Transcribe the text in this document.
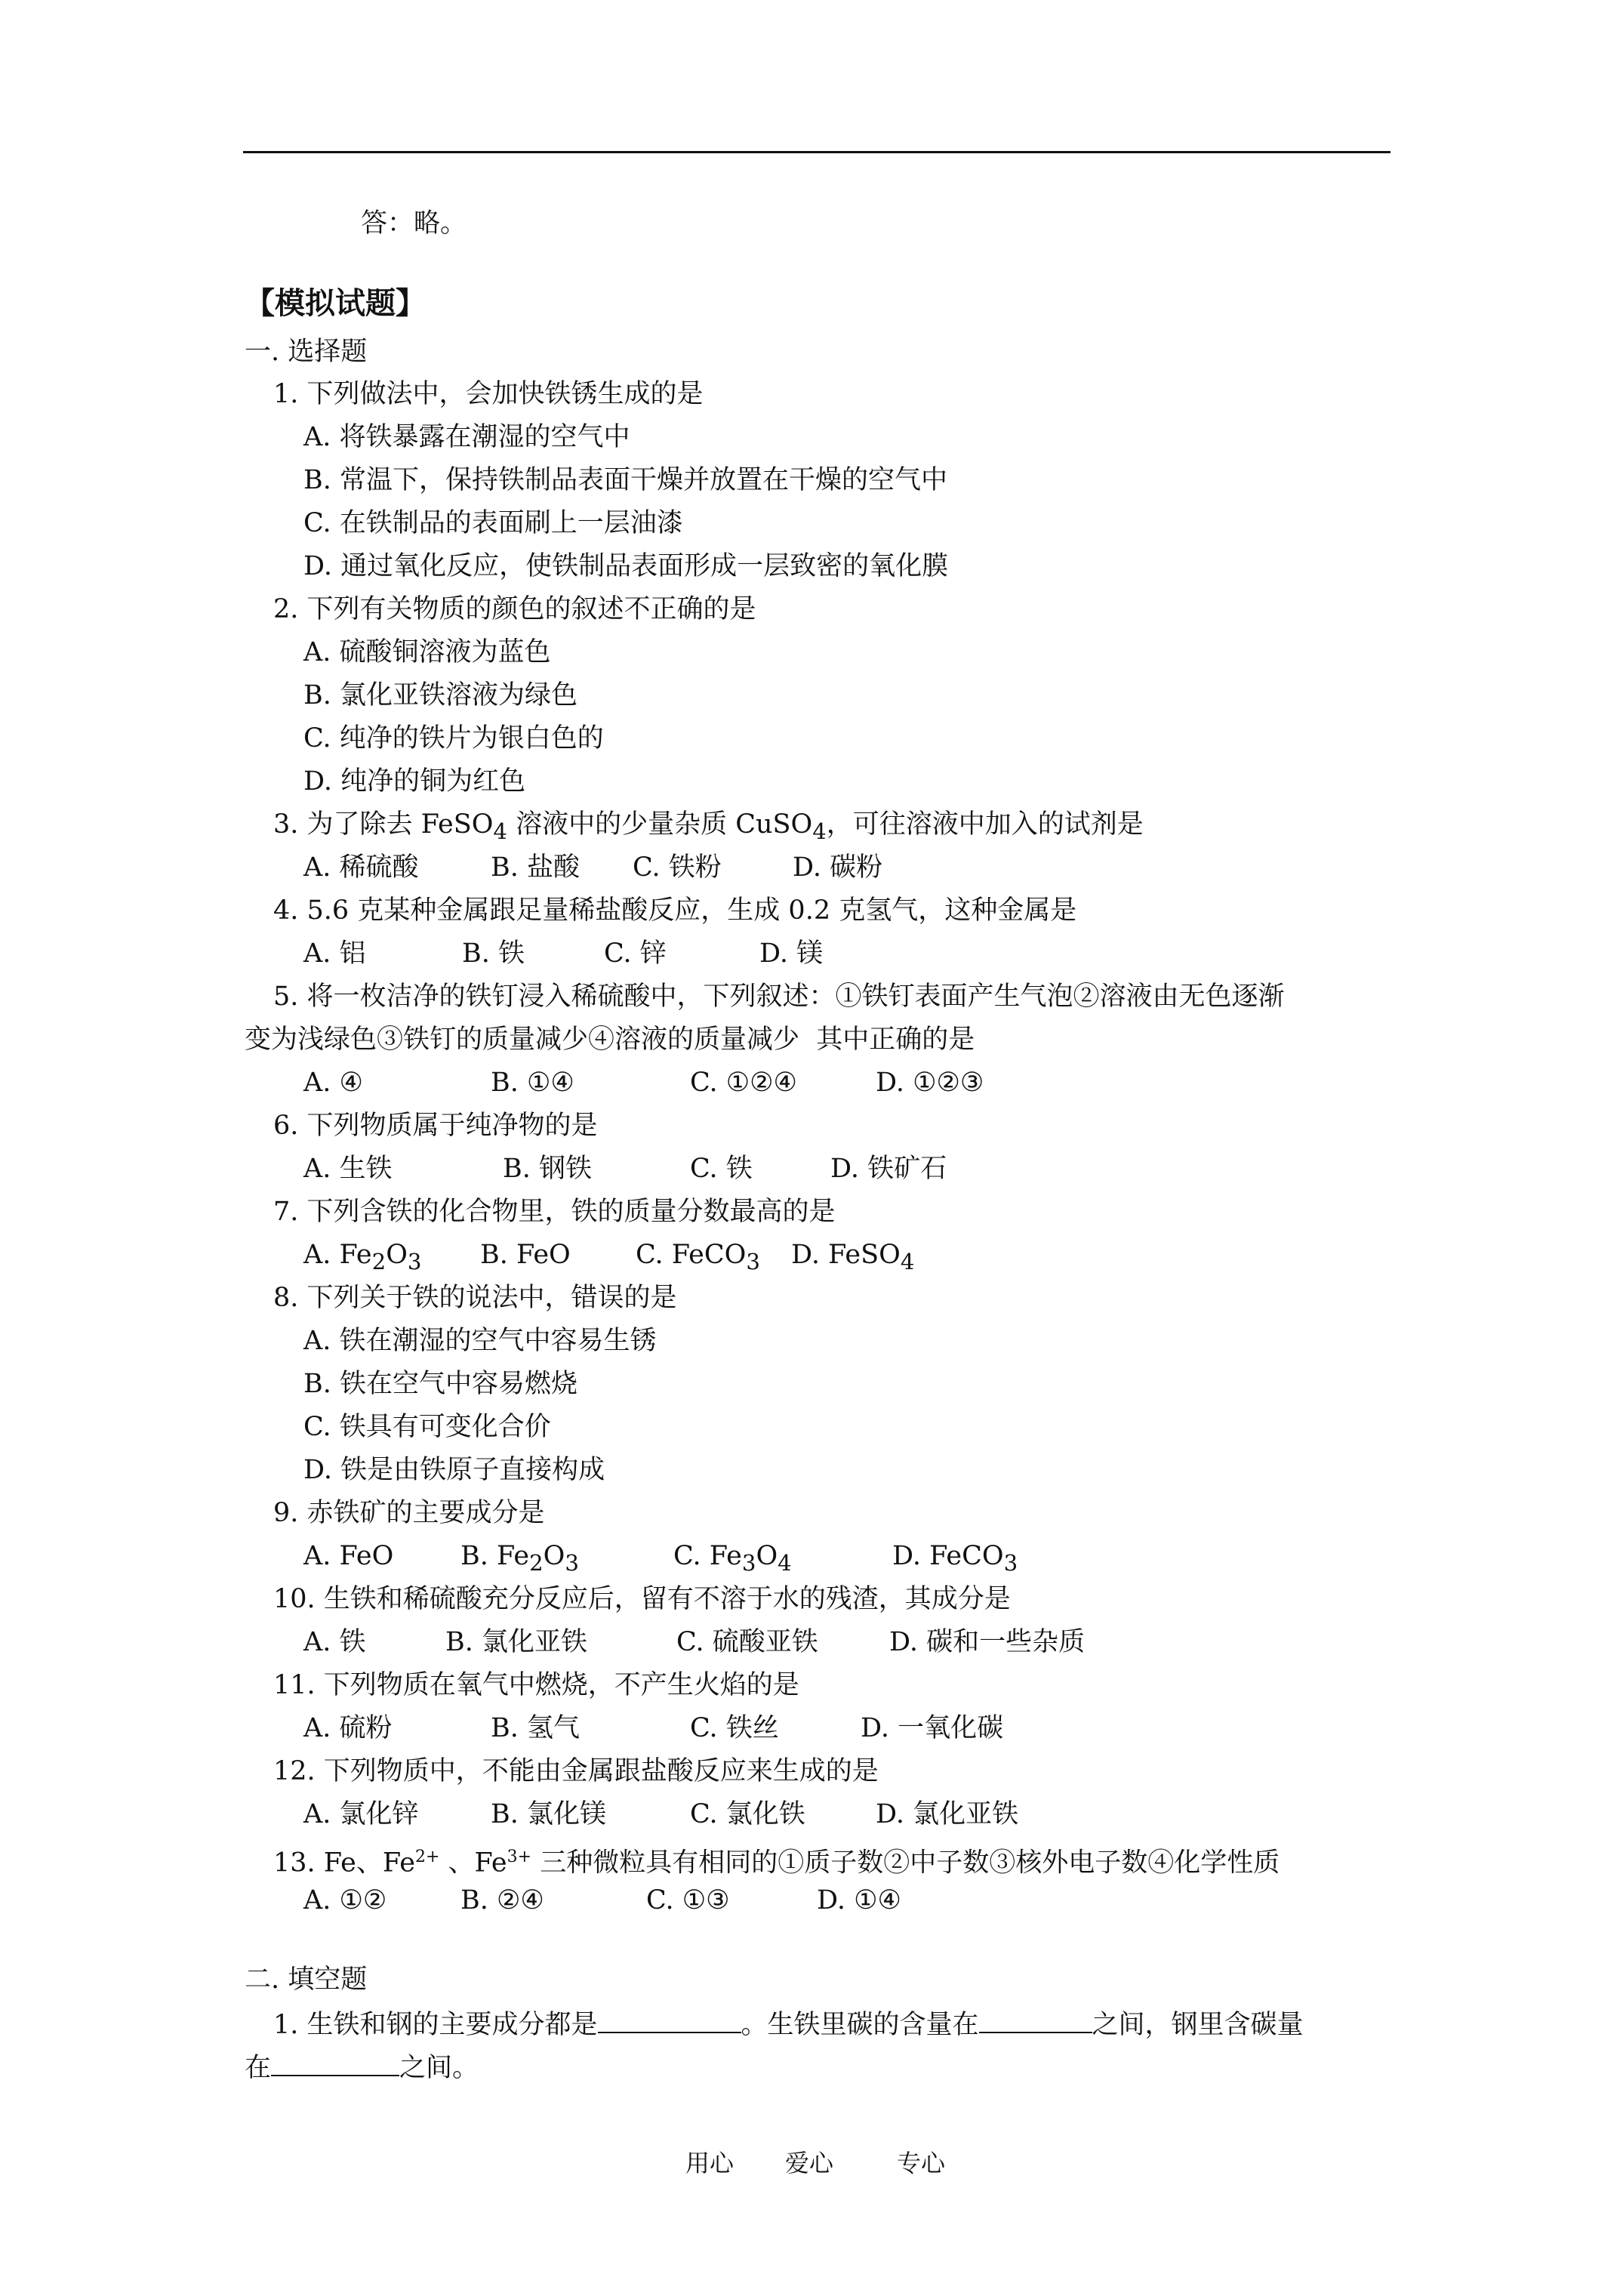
答：略。
【模拟试题】
一. 选择题
1. 下列做法中，会加快铁锈生成的是
A. 将铁暴露在潮湿的空气中
B. 常温下，保持铁制品表面干燥并放置在干燥的空气中
C. 在铁制品的表面刷上一层油漆
D. 通过氧化反应，使铁制品表面形成一层致密的氧化膜
2. 下列有关物质的颜色的叙述不正确的是
A. 硫酸铜溶液为蓝色
B. 氯化亚铁溶液为绿色
C. 纯净的铁片为银白色的
D. 纯净的铜为红色
3. 为了除去 FeSO$_4$ 溶液中的少量杂质 CuSO$_4$，可往溶液中加入的试剂是
A. 稀硫酸	B. 盐酸 C. 铁粉	D. 碳粉
4. 5.6 克某种金属跟足量稀盐酸反应，生成 0.2 克氢气，这种金属是
A. 铝	B. 铁	C. 锌	D. 镁
5. 将一枚洁净的铁钉浸入稀硫酸中，下列叙述：①铁钉表面产生气泡②溶液由无色逐渐
变为浅绿色③铁钉的质量减少④溶液的质量减少  其中正确的是
A. ④	B. ①④	C. ①②④	D. ①②③
6. 下列物质属于纯净物的是
A. 生铁	B. 钢铁	C. 铁	D. 铁矿石
7. 下列含铁的化合物里，铁的质量分数最高的是
A. $Fe_2O_3$ B. FeO C. FeCO$_3$ D. FeSO$_4$
8. 下列关于铁的说法中，错误的是
A. 铁在潮湿的空气中容易生锈
B. 铁在空气中容易燃烧
C. 铁具有可变化合价
D. 铁是由铁原子直接构成
9. 赤铁矿的主要成分是
A. FeO	B. $Fe_2O_3$	C. $Fe_3O_4$	D. FeCO$_3$
10. 生铁和稀硫酸充分反应后，留有不溶于水的残渣，其成分是
A. 铁	B. 氯化亚铁	C. 硫酸亚铁	D. 碳和一些杂质
11. 下列物质在氧气中燃烧，不产生火焰的是
A. 硫粉	B. 氢气	C. 铁丝	D. 一氧化碳
12. 下列物质中，不能由金属跟盐酸反应来生成的是
A. 氯化锌	B. 氯化镁	C. 氯化铁	D. 氯化亚铁
13. Fe、$Fe^{2+}$ 、$Fe^{3+}$ 三种微粒具有相同的①质子数②中子数③核外电子数④化学性质
A. ①②	B. ②④	C. ①③	D. ①④
二. 填空题
1. 生铁和钢的主要成分都是	。生铁里碳的含量在	之间，钢里含碳量
在	之间。
用心 爱心	专心
